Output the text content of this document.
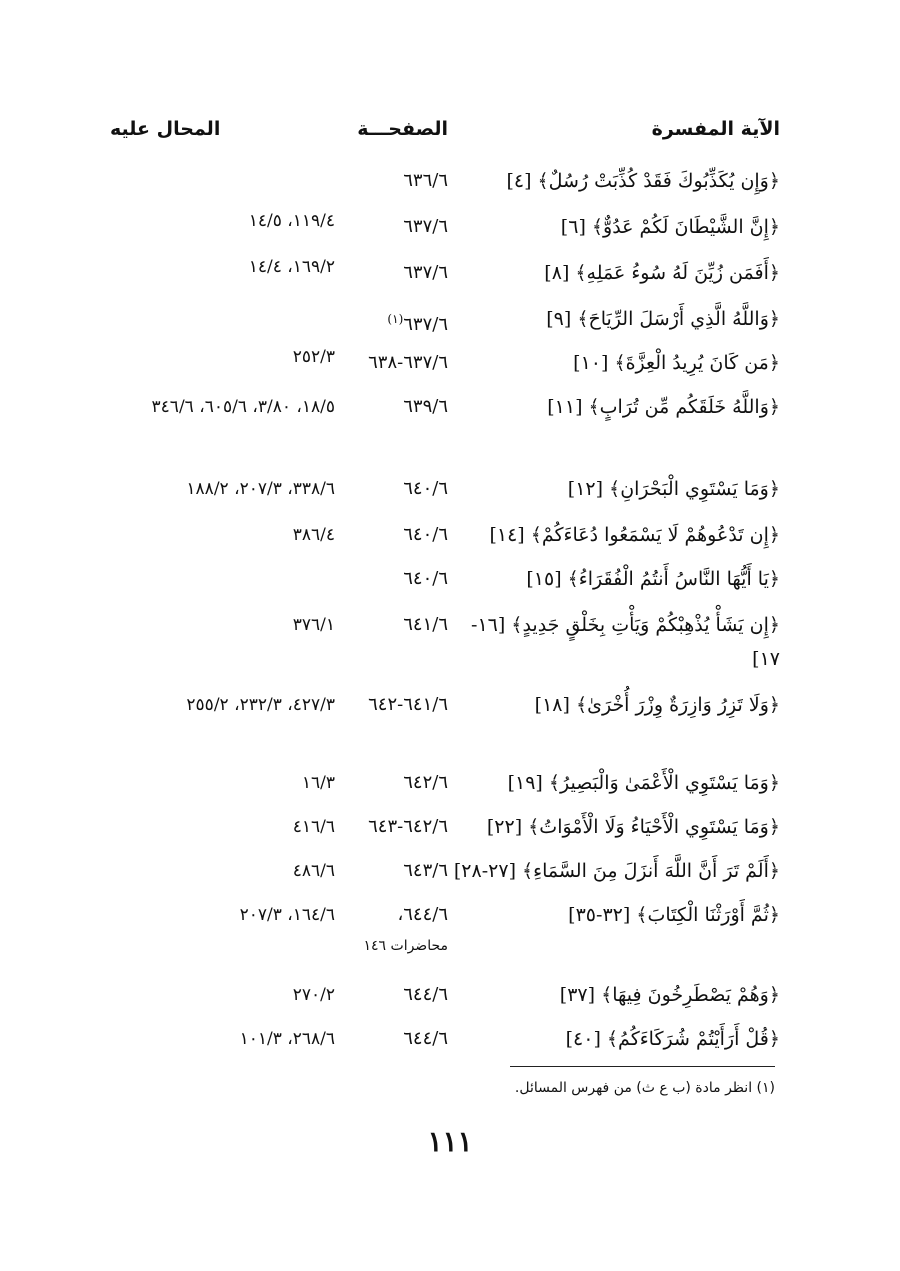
الآية المفسرة
الصفحـــة
المحال عليه
﴿وَإِن يُكَذِّبُوكَ فَقَدْ كُذِّبَتْ رُسُلٌ﴾ [٤]
٦٣٦/٦
﴿إِنَّ الشَّيْطَانَ لَكُمْ عَدُوٌّ﴾ [٦]
٦٣٧/٦
١١٩/٤، ١٤/٥
﴿أَفَمَن زُيِّنَ لَهُ سُوءُ عَمَلِهِ﴾ [٨]
٦٣٧/٦
١٦٩/٢، ١٤/٤
﴿وَاللَّهُ الَّذِي أَرْسَلَ الرِّيَاحَ﴾ [٩]
٦٣٧/٦$^{(١)}$
﴿مَن كَانَ يُرِيدُ الْعِزَّةَ﴾ [١٠]
٦٣٧/٦-٦٣٨
٢٥٢/٣
﴿وَاللَّهُ خَلَقَكُم مِّن تُرَابٍ﴾ [١١]
٦٣٩/٦
١٨/٥، ٣/٨٠، ٦٠٥/٦، ٣٤٦/٦
﴿وَمَا يَسْتَوِي الْبَحْرَانِ﴾ [١٢]
٦٤٠/٦
٣٣٨/٦، ٢٠٧/٣، ١٨٨/٢
﴿إِن تَدْعُوهُمْ لَا يَسْمَعُوا دُعَاءَكُمْ﴾ [١٤]
٦٤٠/٦
٣٨٦/٤
﴿يَا أَيُّهَا النَّاسُ أَنتُمُ الْفُقَرَاءُ﴾ [١٥]
٦٤٠/٦
﴿إِن يَشَأْ يُذْهِبْكُمْ وَيَأْتِ بِخَلْقٍ جَدِيدٍ﴾ [١٦-
١٧]
٦٤١/٦
٣٧٦/١
﴿وَلَا تَزِرُ وَازِرَةٌ وِزْرَ أُخْرَىٰ﴾ [١٨]
٦٤١/٦-٦٤٢
٤٢٧/٣، ٢٣٢/٣، ٢٥٥/٢
﴿وَمَا يَسْتَوِي الْأَعْمَىٰ وَالْبَصِيرُ﴾ [١٩]
٦٤٢/٦
١٦/٣
﴿وَمَا يَسْتَوِي الْأَحْيَاءُ وَلَا الْأَمْوَاتُ﴾ [٢٢]
٦٤٢/٦-٦٤٣
٤١٦/٦
﴿أَلَمْ تَرَ أَنَّ اللَّهَ أَنزَلَ مِنَ السَّمَاءِ﴾ [٢٧-٢٨]
٦٤٣/٦
٤٨٦/٦
﴿ثُمَّ أَوْرَثْنَا الْكِتَابَ﴾ [٣٢-٣٥]
٦٤٤/٦،
محاضرات ١٤٦
١٦٤/٦، ٢٠٧/٣
﴿وَهُمْ يَصْطَرِخُونَ فِيهَا﴾ [٣٧]
٦٤٤/٦
٢٧٠/٢
﴿قُلْ أَرَأَيْتُمْ شُرَكَاءَكُمُ﴾ [٤٠]
٦٤٤/٦
٢٦٨/٦، ١٠١/٣
(١) انظر مادة (ب ع ث) من فهرس المسائل.
١١١
